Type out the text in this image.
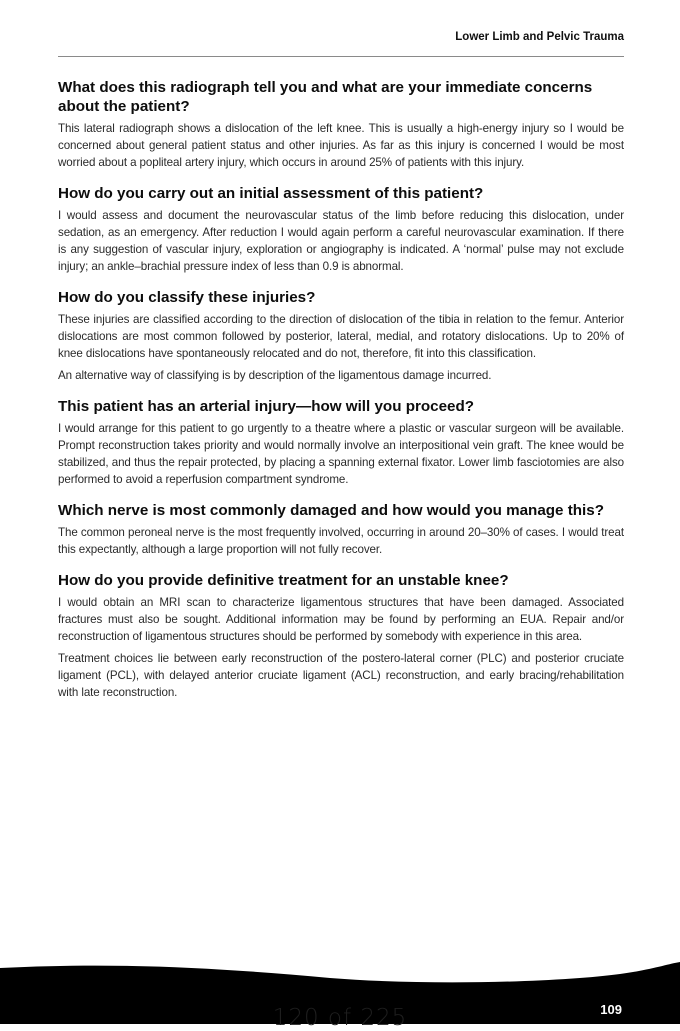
Lower Limb and Pelvic Trauma
What does this radiograph tell you and what are your immediate concerns about the patient?
This lateral radiograph shows a dislocation of the left knee. This is usually a high-energy injury so I would be concerned about general patient status and other injuries. As far as this injury is concerned I would be most worried about a popliteal artery injury, which occurs in around 25% of patients with this injury.
How do you carry out an initial assessment of this patient?
I would assess and document the neurovascular status of the limb before reducing this dislocation, under sedation, as an emergency. After reduction I would again perform a careful neurovascular examination. If there is any suggestion of vascular injury, exploration or angiography is indicated. A ‘normal’ pulse may not exclude injury; an ankle–brachial pressure index of less than 0.9 is abnormal.
How do you classify these injuries?
These injuries are classified according to the direction of dislocation of the tibia in relation to the femur. Anterior dislocations are most common followed by posterior, lateral, medial, and rotatory dislocations. Up to 20% of knee dislocations have spontaneously relocated and do not, therefore, fit into this classification.
An alternative way of classifying is by description of the ligamentous damage incurred.
This patient has an arterial injury—how will you proceed?
I would arrange for this patient to go urgently to a theatre where a plastic or vascular surgeon will be available. Prompt reconstruction takes priority and would normally involve an interpositional vein graft. The knee would be stabilized, and thus the repair protected, by placing a spanning external fixator. Lower limb fasciotomies are also performed to avoid a reperfusion compartment syndrome.
Which nerve is most commonly damaged and how would you manage this?
The common peroneal nerve is the most frequently involved, occurring in around 20–30% of cases. I would treat this expectantly, although a large proportion will not fully recover.
How do you provide definitive treatment for an unstable knee?
I would obtain an MRI scan to characterize ligamentous structures that have been damaged. Associated fractures must also be sought. Additional information may be found by performing an EUA. Repair and/or reconstruction of ligamentous structures should be performed by somebody with experience in this area.
Treatment choices lie between early reconstruction of the postero-lateral corner (PLC) and posterior cruciate ligament (PCL), with delayed anterior cruciate ligament (ACL) reconstruction, and early bracing/rehabilitation with late reconstruction.
109
120 of 225
